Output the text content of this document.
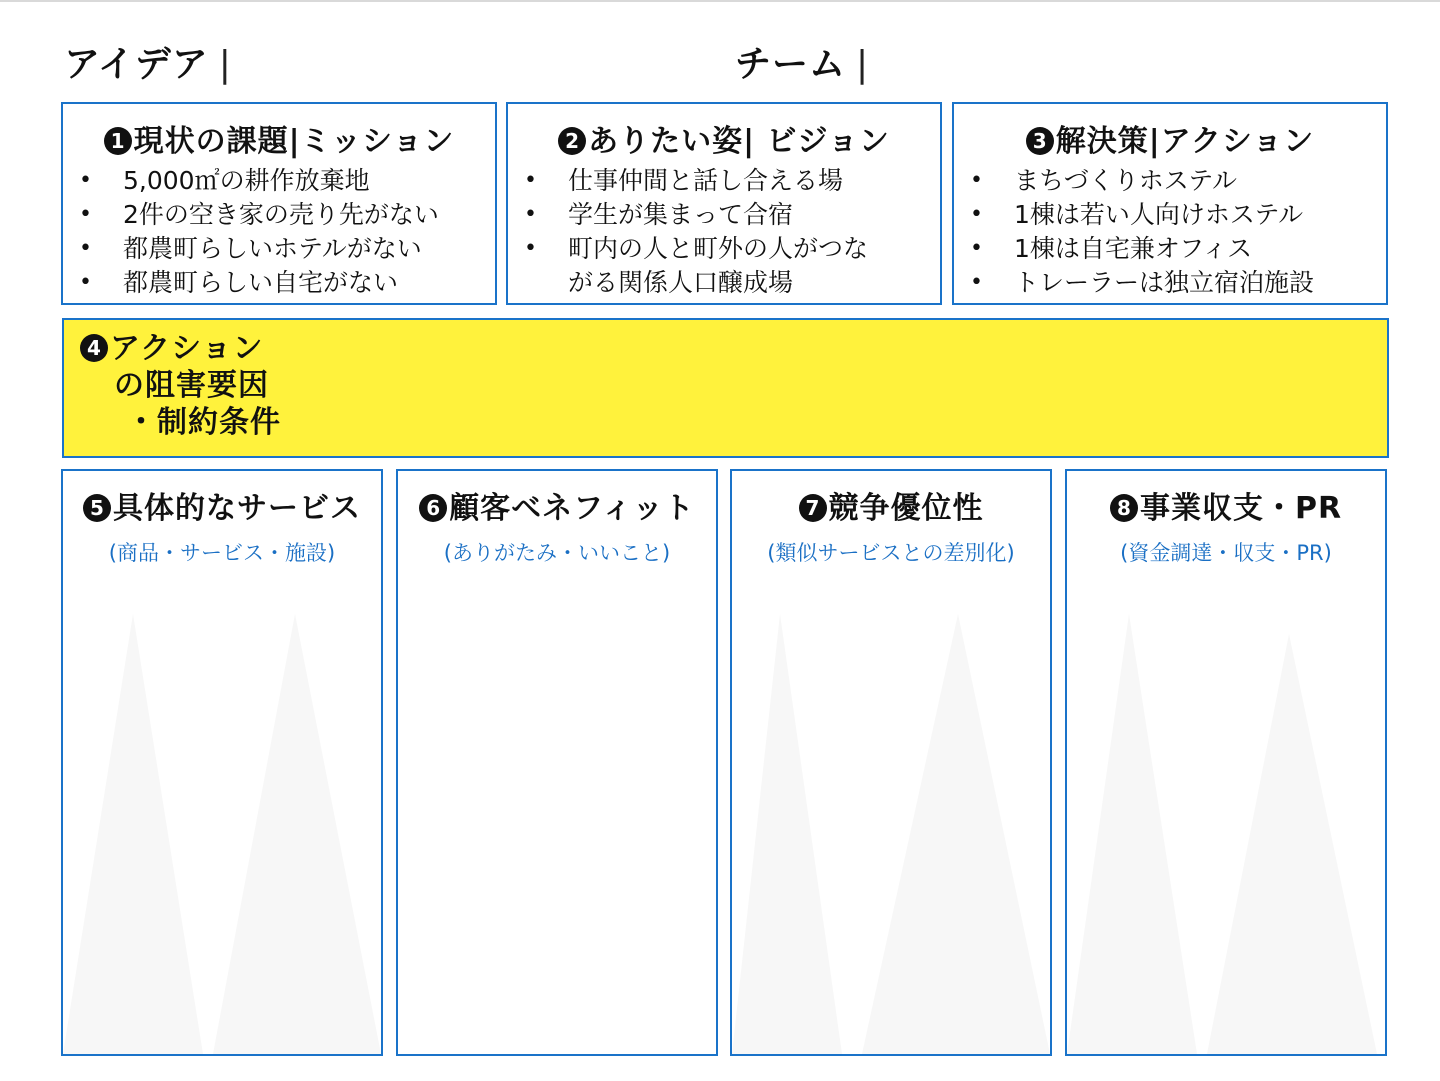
アイデア |	チーム |
1 現状の課題|ミッション
• 5,000㎡の耕作放棄地
• 2件の空き家の売り先がない
• 都農町らしいホテルがない
• 都農町らしい自宅がない
2 ありたい姿| ビジョン
• 仕事仲間と話し合える場
• 学生が集まって合宿
• 町内の人と町外の人がつな
がる関係人口醸成場
3 解決策|アクション
• まちづくりホステル
• 1棟は若い人向けホステル
• 1棟は自宅兼オフィス
• トレーラーは独立宿泊施設
4 アクション
の阻害要因
・制約条件
5 具体的なサービス
(商品・サービス・施設)
6 顧客ベネフィット
(ありがたみ・いいこと)
7 競争優位性
(類似サービスとの差別化)
8 事業収支・PR
(資金調達・収支・PR)
